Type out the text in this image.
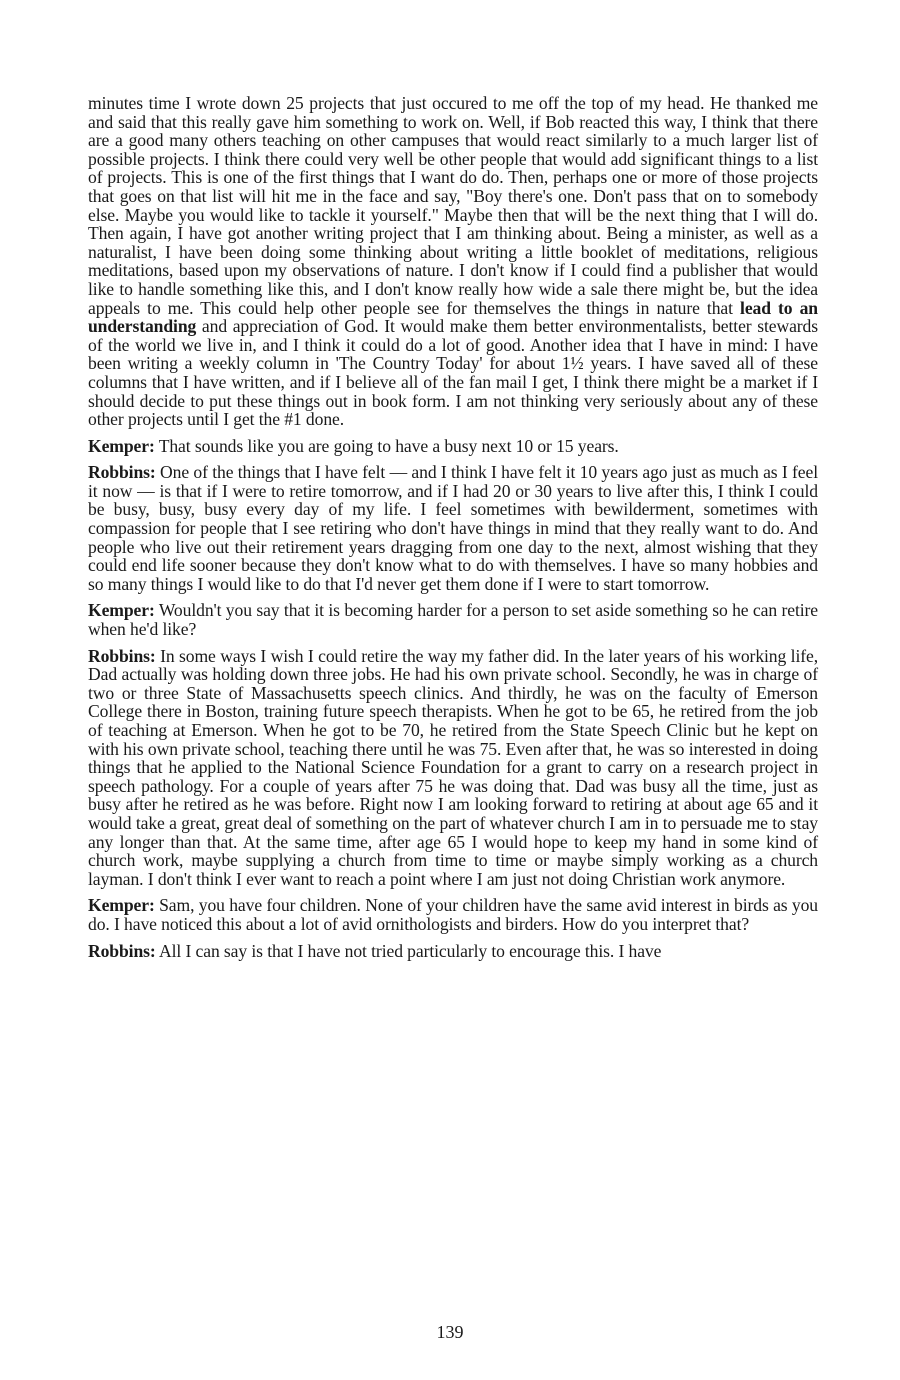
minutes time I wrote down 25 projects that just occured to me off the top of my head. He thanked me and said that this really gave him something to work on. Well, if Bob reacted this way, I think that there are a good many others teaching on other campuses that would react similarly to a much larger list of possible projects. I think there could very well be other people that would add significant things to a list of projects. This is one of the first things that I want do do. Then, perhaps one or more of those projects that goes on that list will hit me in the face and say, "Boy there's one. Don't pass that on to somebody else. Maybe you would like to tackle it yourself." Maybe then that will be the next thing that I will do. Then again, I have got another writing project that I am thinking about. Being a minister, as well as a naturalist, I have been doing some thinking about writing a little booklet of meditations, religious meditations, based upon my observations of nature. I don't know if I could find a publisher that would like to handle something like this, and I don't know really how wide a sale there might be, but the idea appeals to me. This could help other people see for themselves the things in nature that lead to an understanding and appreciation of God. It would make them better environmentalists, better stewards of the world we live in, and I think it could do a lot of good. Another idea that I have in mind: I have been writing a weekly column in 'The Country Today' for about 1½ years. I have saved all of these columns that I have written, and if I believe all of the fan mail I get, I think there might be a market if I should decide to put these things out in book form. I am not thinking very seriously about any of these other projects until I get the #1 done.

Kemper: That sounds like you are going to have a busy next 10 or 15 years.

Robbins: One of the things that I have felt — and I think I have felt it 10 years ago just as much as I feel it now — is that if I were to retire tomorrow, and if I had 20 or 30 years to live after this, I think I could be busy, busy, busy every day of my life. I feel sometimes with bewilderment, sometimes with compassion for people that I see retiring who don't have things in mind that they really want to do. And people who live out their retirement years dragging from one day to the next, almost wishing that they could end life sooner because they don't know what to do with themselves. I have so many hobbies and so many things I would like to do that I'd never get them done if I were to start tomorrow.

Kemper: Wouldn't you say that it is becoming harder for a person to set aside something so he can retire when he'd like?

Robbins: In some ways I wish I could retire the way my father did. In the later years of his working life, Dad actually was holding down three jobs. He had his own private school. Secondly, he was in charge of two or three State of Massachusetts speech clinics. And thirdly, he was on the faculty of Emerson College there in Boston, training future speech therapists. When he got to be 65, he retired from the job of teaching at Emerson. When he got to be 70, he retired from the State Speech Clinic but he kept on with his own private school, teaching there until he was 75. Even after that, he was so interested in doing things that he applied to the National Science Foundation for a grant to carry on a research project in speech pathology. For a couple of years after 75 he was doing that. Dad was busy all the time, just as busy after he retired as he was before. Right now I am looking forward to retiring at about age 65 and it would take a great, great deal of something on the part of whatever church I am in to persuade me to stay any longer than that. At the same time, after age 65 I would hope to keep my hand in some kind of church work, maybe supplying a church from time to time or maybe simply working as a church layman. I don't think I ever want to reach a point where I am just not doing Christian work anymore.

Kemper: Sam, you have four children. None of your children have the same avid interest in birds as you do. I have noticed this about a lot of avid ornithologists and birders. How do you interpret that?

Robbins: All I can say is that I have not tried particularly to encourage this. I have

139
